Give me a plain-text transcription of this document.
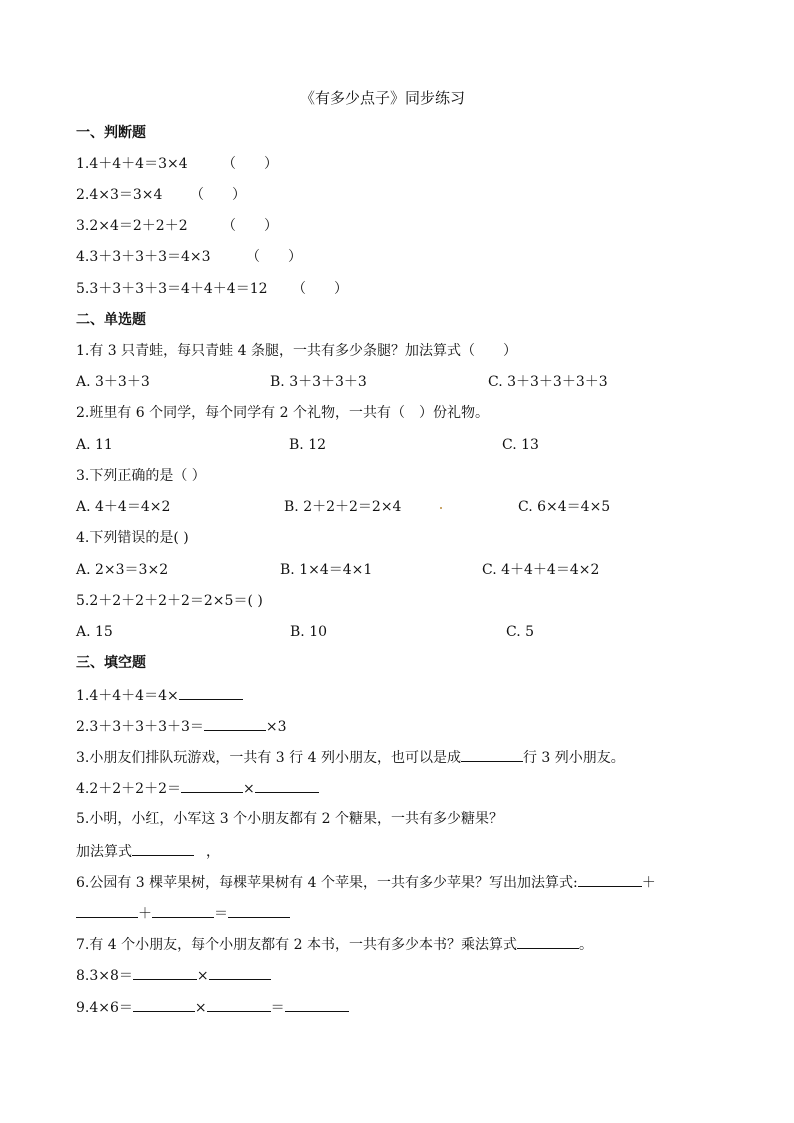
《有多少点子》同步练习
一、判断题
1.4＋4＋4＝3×4 （　　）
2.4×3＝3×4 （　　）
3.2×4＝2＋2＋2 （　　）
4.3＋3＋3＋3＝4×3	（　　）
5.3＋3＋3＋3＝4＋4＋4＝12 （　　）
二、单选题
1.有 3 只青蛙，每只青蛙 4 条腿，一共有多少条腿？加法算式（　　）
A. 3＋3＋3	B. 3＋3＋3＋3	C. 3＋3＋3＋3＋3
2.班里有 6 个同学，每个同学有 2 个礼物，一共有（　）份礼物。
A. 11	B. 12	C. 13
3.下列正确的是（ ）
A. 4＋4＝4×2	B. 2＋2＋2＝2×4	C. 6×4＝4×5
4.下列错误的是( )
A. 2×3＝3×2	B. 1×4＝4×1	C. 4＋4＋4＝4×2
5.2＋2＋2＋2＋2＝2×5＝( )
A. 15	B. 10	C. 5
三、填空题
1.4＋4＋4＝4×
2.3＋3＋3＋3＋3＝	×3
3.小朋友们排队玩游戏，一共有 3 行 4 列小朋友，也可以是成	行 3 列小朋友。
4.2＋2＋2＋2＝	×
5.小明，小红，小军这 3 个小朋友都有 2 个糖果，一共有多少糖果？
加法算式	，
6.公园有 3 棵苹果树，每棵苹果树有 4 个苹果，一共有多少苹果？写出加法算式:	＋
＋	＝
7.有 4 个小朋友，每个小朋友都有 2 本书，一共有多少本书？乘法算式	。
8.3×8＝	×
9.4×6＝	×	＝
